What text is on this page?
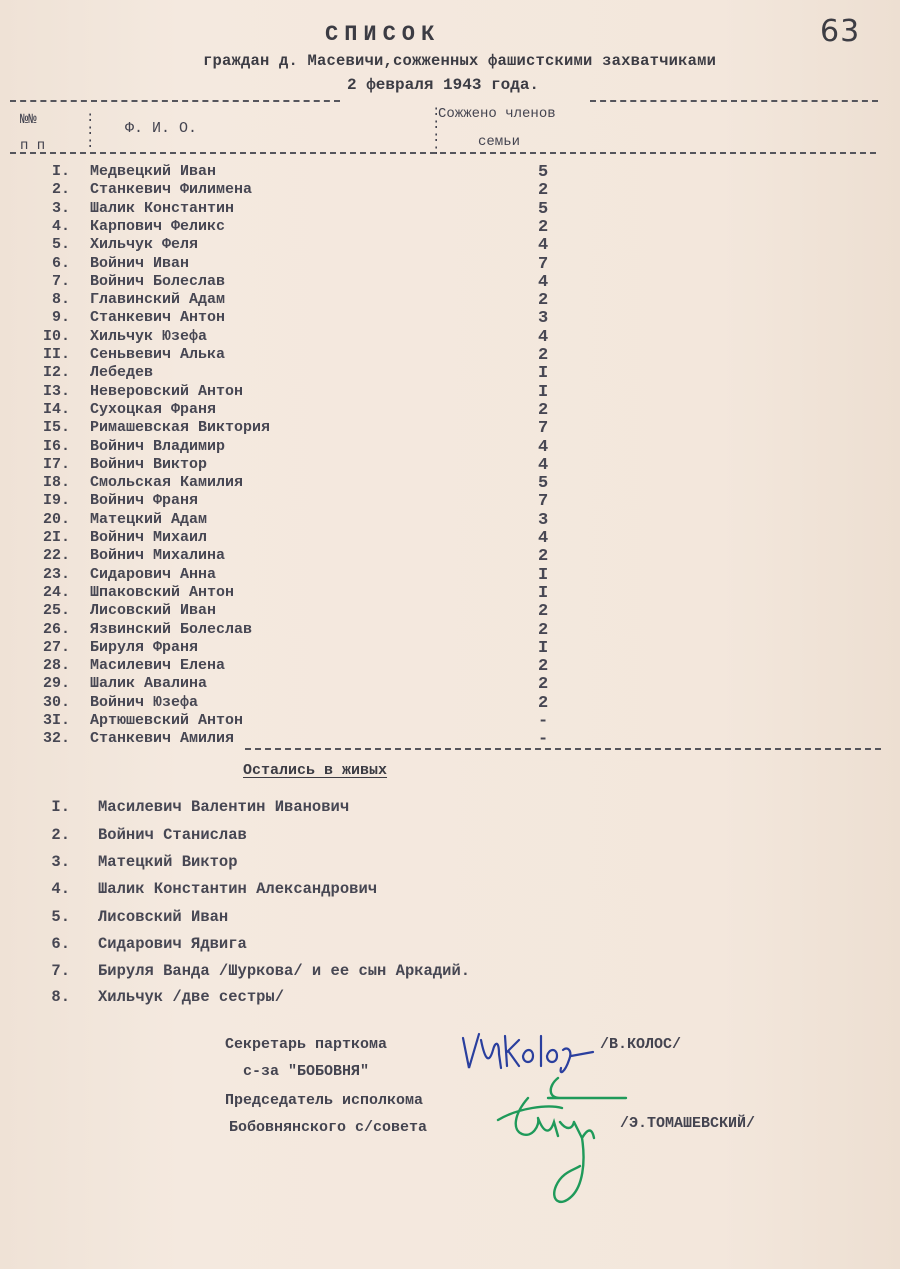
63
СПИСОК
граждан д. Масевичи,сожженных фашистскими захватчиками
2 февраля 1943 года.
№№
п п
:
:
:
Ф. И. О.
:
:
:
:
Сожжено членов
семьи
I. Медвецкий Иван	5
2. Станкевич Филимена	2
3. Шалик Константин	5
4. Карпович Феликс	2
5. Хильчук Феля	4
6. Войнич Иван	7
7. Войнич Болеслав	4
8. Главинский Адам	2
9. Станкевич Антон	3
I0. Хильчук Юзефа	4
II. Сеньвевич Алька	2
I2. Лебедев	I
I3. Неверовский Антон	I
I4. Сухоцкая Франя	2
I5. Римашевская Виктория	7
I6. Войнич Владимир	4
I7. Войнич Виктор	4
I8. Смольская Камилия	5
I9. Войнич Франя	7
20. Матецкий Адам	3
2I. Войнич Михаил	4
22. Войнич Михалина	2
23. Сидарович Анна	I
24. Шпаковский Антон	I
25. Лисовский Иван	2
26. Язвинский Болеслав	2
27. Бируля Франя	I
28. Масилевич Елена	2
29. Шалик Авалина	2
30. Войнич Юзефа	2
3I. Артюшевский Антон	-
32. Станкевич Амилия	-
Остались в живых
I. Масилевич Валентин Иванович
2. Войнич Станислав
3. Матецкий Виктор
4. Шалик Константин Александрович
5. Лисовский Иван
6. Сидарович Ядвига
7. Бируля Ванда /Шуркова/ и ее сын Аркадий.
8. Хильчук /две сестры/
Секретарь парткома
с-за "БОБОВНЯ"
/В.КОЛОС/
Председатель исполкома
Бобовнянского с/совета	/Э.ТОМАШЕВСКИЙ/
